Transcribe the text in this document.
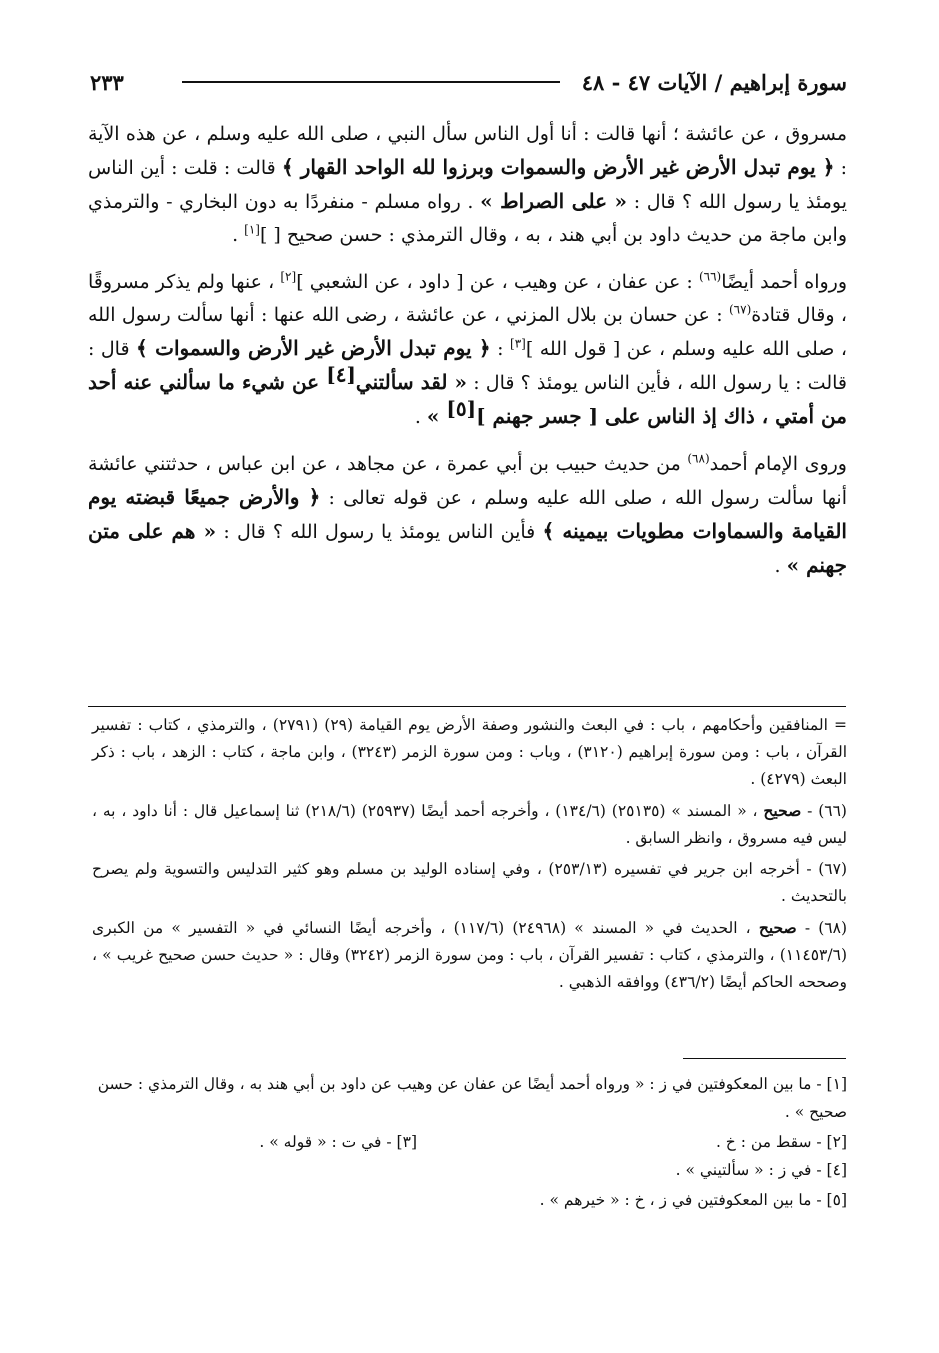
سورة إبراهيم / الآيات ٤٧ - ٤٨
٢٣٣

مسروق ، عن عائشة ؛ أنها قالت : أنا أول الناس سأل النبي ، صلى الله عليه وسلم ، عن هذه الآية : ﴿ يوم تبدل الأرض غير الأرض والسموات وبرزوا لله الواحد القهار ﴾ قالت : قلت : أين الناس يومئذ يا رسول الله ؟ قال : « على الصراط » . رواه مسلم - منفردًا به دون البخاري - والترمذي وابن ماجة من حديث داود بن أبي هند ، به ، وقال الترمذي : حسن صحيح [ ][١] .

ورواه أحمد أيضًا$^{(٦٦)}$ : عن عفان ، عن وهيب ، عن [ داود ، عن الشعبي ][٢] ، عنها ولم يذكر مسروقًا ، وقال قتادة$^{(٦٧)}$ : عن حسان بن بلال المزني ، عن عائشة ، رضى الله عنها : أنها سألت رسول الله ، صلى الله عليه وسلم ، عن [ قول الله ][٣] : ﴿ يوم تبدل الأرض غير الأرض والسموات ﴾ قال : قالت : يا رسول الله ، فأين الناس يومئذ ؟ قال : « لقد سألتني[٤] عن شيء ما سألني عنه أحد من أمتي ، ذاك إذ الناس على [ جسر جهنم ][٥] » .

وروى الإمام أحمد$^{(٦٨)}$ من حديث حبيب بن أبي عمرة ، عن مجاهد ، عن ابن عباس ، حدثتني عائشة أنها سألت رسول الله ، صلى الله عليه وسلم ، عن قوله تعالى : ﴿ والأرض جميعًا قبضته يوم القيامة والسماوات مطويات بيمينه ﴾ فأين الناس يومئذ يا رسول الله ؟ قال : « هم على متن جهنم » .

= المنافقين وأحكامهم ، باب : في البعث والنشور وصفة الأرض يوم القيامة (٢٩) (٢٧٩١) ، والترمذي ، كتاب : تفسير القرآن ، باب : ومن سورة إبراهيم (٣١٢٠) ، وباب : ومن سورة الزمر (٣٢٤٣) ، وابن ماجة ، كتاب : الزهد ، باب : ذكر البعث (٤٢٧٩) .

(٦٦) - صحيح ، « المسند » (٢٥١٣٥) (١٣٤/٦) ، وأخرجه أحمد أيضًا (٢٥٩٣٧) (٢١٨/٦) ثنا إسماعيل قال : أنا داود ، به ، ليس فيه مسروق ، وانظر السابق .

(٦٧) - أخرجه ابن جرير في تفسيره (٢٥٣/١٣) ، وفي إسناده الوليد بن مسلم وهو كثير التدليس والتسوية ولم يصرح بالتحديث .

(٦٨) - صحيح ، الحديث في « المسند » (٢٤٩٦٨) (١١٧/٦) ، وأخرجه أيضًا النسائي في « التفسير » من الكبرى (١١٤٥٣/٦) ، والترمذي ، كتاب : تفسير القرآن ، باب : ومن سورة الزمر (٣٢٤٢) وقال : « حديث حسن صحيح غريب » ، وصححه الحاكم أيضًا (٤٣٦/٢) ووافقه الذهبي .

[١] - ما بين المعكوفتين في ز : « ورواه أحمد أيضًا عن عفان عن وهيب عن داود بن أبي هند به ، وقال الترمذي : حسن صحيح » .

[٢] - سقط من : خ .
[٣] - في ت : « قوله » .

[٤] - في ز : « سألتيني » .

[٥] - ما بين المعكوفتين في ز ، خ : « خيرهم » .
